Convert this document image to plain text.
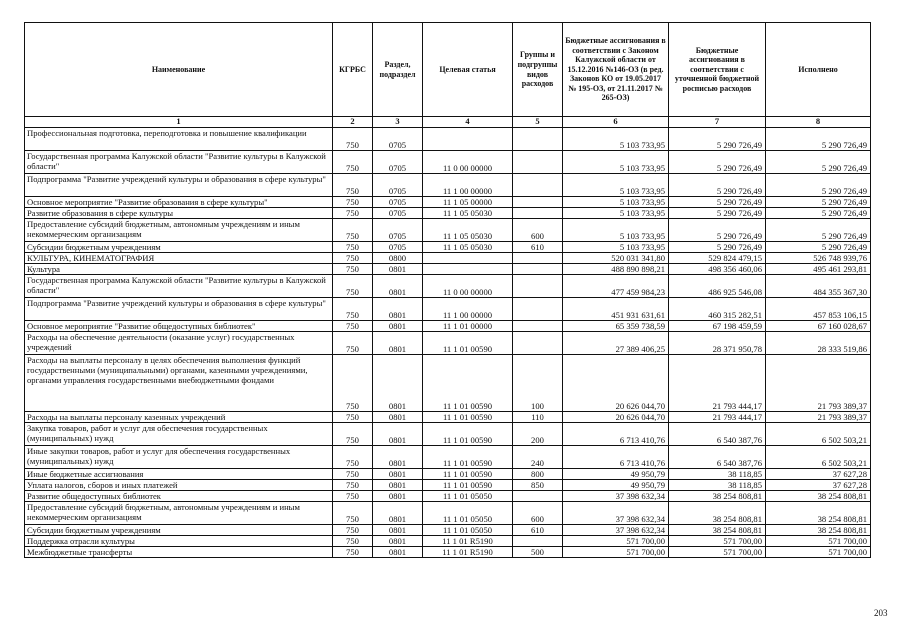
Наименование	КГРБС	Раздел, подраздел	Целевая статья	Группы и подгруппы видов расходов	Бюджетные ассигнования в соответствии с Законом Калужской области от 15.12.2016 №146-ОЗ (в ред. Законов КО от 19.05.2017 № 195-ОЗ, от 21.11.2017 № 265-ОЗ)	Бюджетные ассигнования в соответствии с уточненной бюджетной росписью расходов	Исполнено
1	2	3	4	5	6	7	8
Профессиональная подготовка, переподготовка и повышение квалификации	750	0705			5 103 733,95	5 290 726,49	5 290 726,49
Государственная программа Калужской области "Развитие культуры в Калужской области"	750	0705	11 0 00 00000		5 103 733,95	5 290 726,49	5 290 726,49
Подпрограмма "Развитие учреждений культуры и образования в сфере культуры"	750	0705	11 1 00 00000		5 103 733,95	5 290 726,49	5 290 726,49
Основное мероприятие "Развитие образования в сфере культуры"	750	0705	11 1 05 00000		5 103 733,95	5 290 726,49	5 290 726,49
Развитие образования в сфере культуры	750	0705	11 1 05 05030		5 103 733,95	5 290 726,49	5 290 726,49
Предоставление субсидий бюджетным, автономным учреждениям и иным некоммерческим организациям	750	0705	11 1 05 05030	600	5 103 733,95	5 290 726,49	5 290 726,49
Субсидии бюджетным учреждениям	750	0705	11 1 05 05030	610	5 103 733,95	5 290 726,49	5 290 726,49
КУЛЬТУРА, КИНЕМАТОГРАФИЯ	750	0800			520 031 341,80	529 824 479,15	526 748 939,76
Культура	750	0801			488 890 898,21	498 356 460,06	495 461 293,81
Государственная программа Калужской области "Развитие культуры в Калужской области"	750	0801	11 0 00 00000		477 459 984,23	486 925 546,08	484 355 367,30
Подпрограмма "Развитие учреждений культуры и образования в сфере культуры"	750	0801	11 1 00 00000		451 931 631,61	460 315 282,51	457 853 106,15
Основное мероприятие "Развитие общедоступных библиотек"	750	0801	11 1 01 00000		65 359 738,59	67 198 459,59	67 160 028,67
Расходы на обеспечение деятельности (оказание услуг) государственных учреждений	750	0801	11 1 01 00590		27 389 406,25	28 371 950,78	28 333 519,86
Расходы на выплаты персоналу в целях обеспечения выполнения функций государственными (муниципальными) органами, казенными учреждениями, органами управления государственными внебюджетными фондами	750	0801	11 1 01 00590	100	20 626 044,70	21 793 444,17	21 793 389,37
Расходы на выплаты персоналу казенных учреждений	750	0801	11 1 01 00590	110	20 626 044,70	21 793 444,17	21 793 389,37
Закупка товаров, работ и услуг для обеспечения государственных (муниципальных) нужд	750	0801	11 1 01 00590	200	6 713 410,76	6 540 387,76	6 502 503,21
Иные закупки товаров, работ и услуг для обеспечения государственных (муниципальных) нужд	750	0801	11 1 01 00590	240	6 713 410,76	6 540 387,76	6 502 503,21
Иные бюджетные ассигнования	750	0801	11 1 01 00590	800	49 950,79	38 118,85	37 627,28
Уплата налогов, сборов и иных платежей	750	0801	11 1 01 00590	850	49 950,79	38 118,85	37 627,28
Развитие общедоступных библиотек	750	0801	11 1 01 05050		37 398 632,34	38 254 808,81	38 254 808,81
Предоставление субсидий бюджетным, автономным учреждениям и иным некоммерческим организациям	750	0801	11 1 01 05050	600	37 398 632,34	38 254 808,81	38 254 808,81
Субсидии бюджетным учреждениям	750	0801	11 1 01 05050	610	37 398 632,34	38 254 808,81	38 254 808,81
Поддержка отрасли культуры	750	0801	11 1 01 R5190		571 700,00	571 700,00	571 700,00
Межбюджетные трансферты	750	0801	11 1 01 R5190	500	571 700,00	571 700,00	571 700,00
203
